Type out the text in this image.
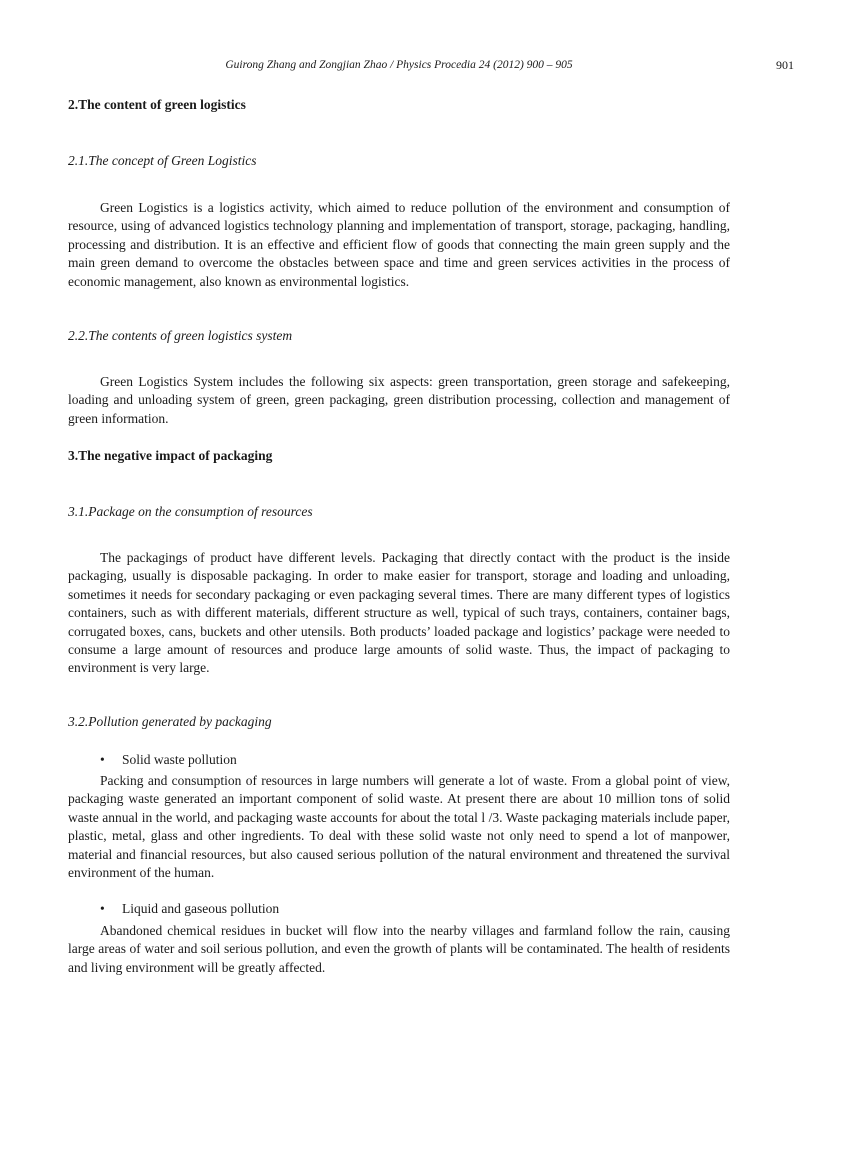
Guirong Zhang and Zongjian Zhao / Physics Procedia 24 (2012) 900 – 905	901
2.The content of green logistics
2.1.The concept of Green Logistics

Green Logistics is a logistics activity, which aimed to reduce pollution of the environment and consumption of resource, using of advanced logistics technology planning and implementation of transport, storage, packaging, handling, processing and distribution. It is an effective and efficient flow of goods that connecting the main green supply and the main green demand to overcome the obstacles between space and time and green services activities in the process of economic management, also known as environmental logistics.

2.2.The contents of green logistics system

Green Logistics System includes the following six aspects: green transportation, green storage and safekeeping, loading and unloading system of green, green packaging, green distribution processing, collection and management of green information.

3.The negative impact of packaging
3.1.Package on the consumption of resources

The packagings of product have different levels. Packaging that directly contact with the product is the inside packaging, usually is disposable packaging. In order to make easier for transport, storage and loading and unloading, sometimes it needs for secondary packaging or even packaging several times. There are many different types of logistics containers, such as with different materials, different structure as well, typical of such trays, containers, container bags, corrugated boxes, cans, buckets and other utensils. Both products’ loaded package and logistics’ package were needed to consume a large amount of resources and produce large amounts of solid waste. Thus, the impact of packaging to environment is very large.

3.2.Pollution generated by packaging
• Solid waste pollution

Packing and consumption of resources in large numbers will generate a lot of waste. From a global point of view, packaging waste generated an important component of solid waste. At present there are about 10 million tons of solid waste annual in the world, and packaging waste accounts for about the total l /3. Waste packaging materials include paper, plastic, metal, glass and other ingredients. To deal with these solid waste not only need to spend a lot of manpower, material and financial resources, but also caused serious pollution of the natural environment and threatened the survival environment of the human.

• Liquid and gaseous pollution

Abandoned chemical residues in bucket will flow into the nearby villages and farmland follow the rain, causing large areas of water and soil serious pollution, and even the growth of plants will be contaminated. The health of residents and living environment will be greatly affected.
